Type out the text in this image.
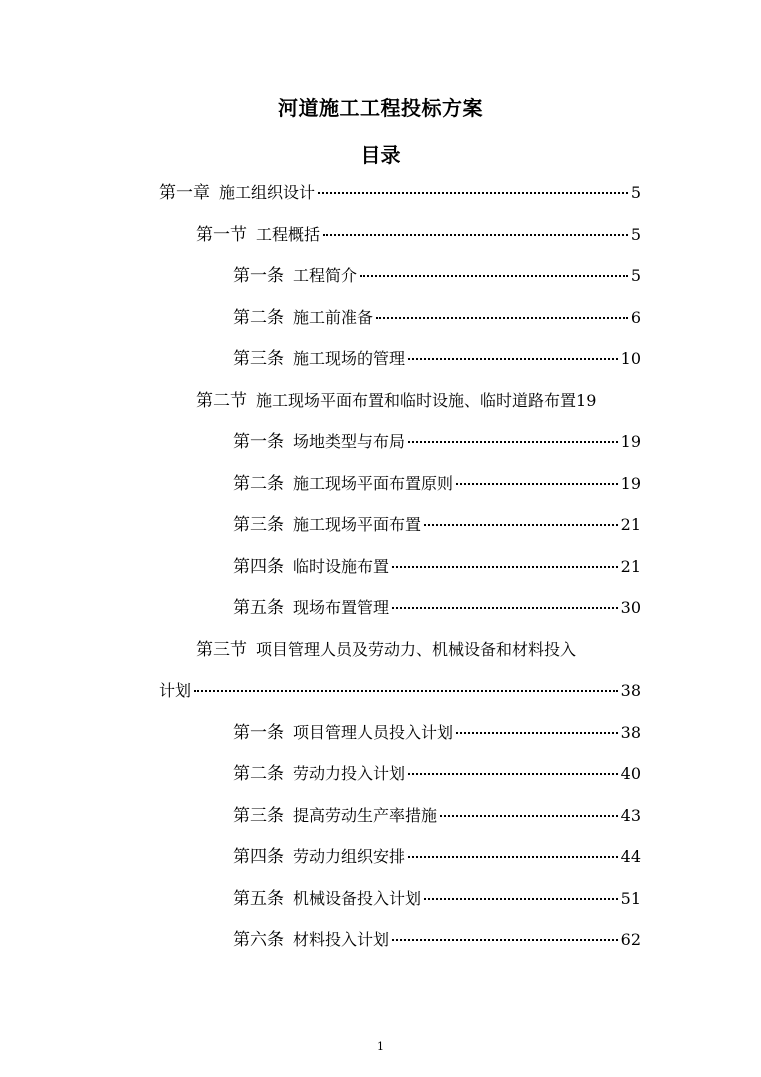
河道施工工程投标方案
目录
第一章 施工组织设计	5
第一节 工程概括	5
第一条 工程简介	5
第二条 施工前准备	6
第三条 施工现场的管理	10
第二节 施工现场平面布置和临时设施、临时道路布置 19
第一条 场地类型与布局	19
第二条 施工现场平面布置原则	19
第三条 施工现场平面布置	21
第四条 临时设施布置	21
第五条 现场布置管理	30
第三节 项目管理人员及劳动力、机械设备和材料投入
计划	38
第一条 项目管理人员投入计划	38
第二条 劳动力投入计划	40
第三条 提高劳动生产率措施	43
第四条 劳动力组织安排	44
第五条 机械设备投入计划	51
第六条 材料投入计划	62
1
